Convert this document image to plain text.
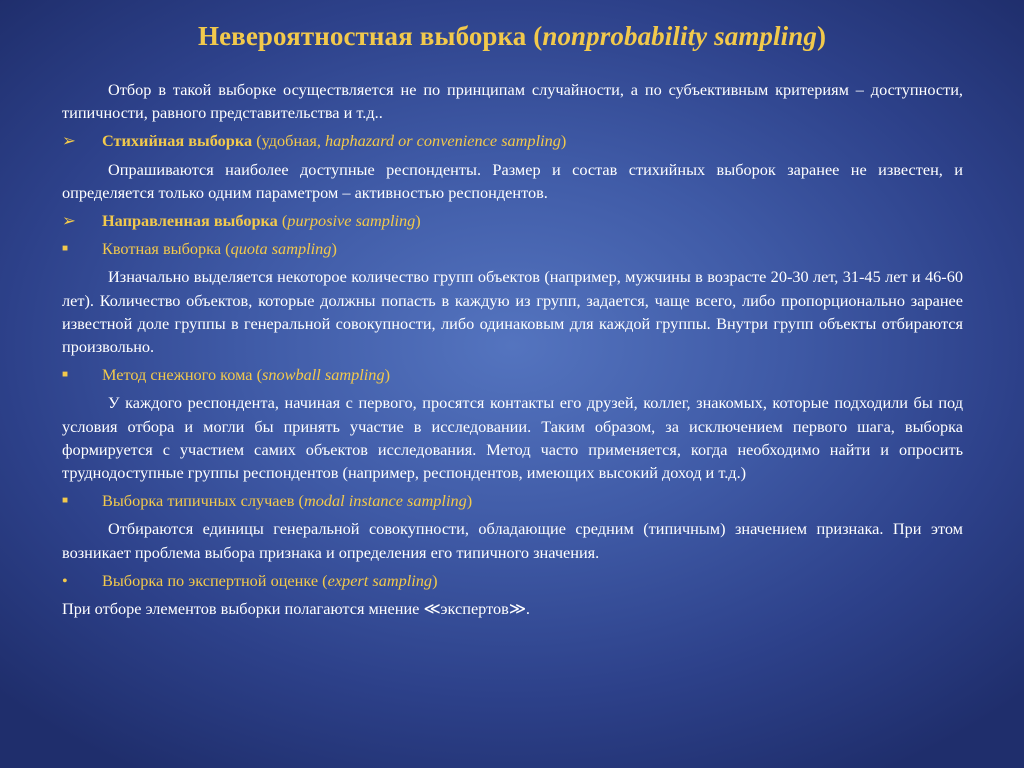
Невероятностная выборка (nonprobability sampling)

Отбор в такой выборке осуществляется не по принципам случайности, а по субъективным критериям – доступности, типичности, равного представительства и т.д..

➢	Стихийная выборка (удобная, haphazard or convenience sampling)

Опрашиваются наиболее доступные респонденты. Размер и состав стихийных выборок заранее не известен, и определяется только одним параметром – активностью респондентов.

➢	Направленная выборка (purposive sampling)
■	Квотная выборка (quota sampling)

Изначально выделяется некоторое количество групп объектов (например, мужчины в возрасте 20-30 лет, 31-45 лет и 46-60 лет). Количество объектов, которые должны попасть в каждую из групп, задается, чаще всего, либо пропорционально заранее известной доле группы в генеральной совокупности, либо одинаковым для каждой группы. Внутри групп объекты отбираются произвольно.

■	Метод снежного кома (snowball sampling)

У каждого респондента, начиная с первого, просятся контакты его друзей, коллег, знакомых, которые подходили бы под условия отбора и могли бы принять участие в исследовании. Таким образом, за исключением первого шага, выборка формируется с участием самих объектов исследования. Метод часто применяется, когда необходимо найти и опросить труднодоступные группы респондентов (например, респондентов, имеющих высокий доход и т.д.)

■	Выборка типичных случаев (modal instance sampling)

Отбираются единицы генеральной совокупности, обладающие средним (типичным) значением признака. При этом возникает проблема выбора признака и определения его типичного значения.

•	Выборка по экспертной оценке (expert sampling)

При отборе элементов выборки полагаются мнение ≪экспертов≫.
